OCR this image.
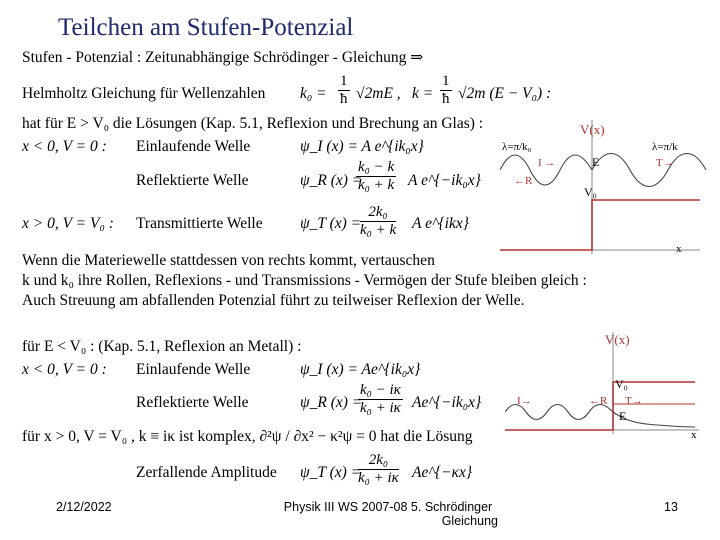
Teilchen am Stufen-Potenzial
Stufen - Potenzial : Zeitunabhängige Schrödinger - Gleichung ⇒
Helmholtz Gleichung für Wellenzahlen $k_0 = \frac{1}{ħ} √2mE$ , $k = \frac{1}{ħ} √2m$ (E − V₀) :
hat für E > V₀ die Lösungen (Kap. 5.1, Reflexion und Brechung an Glas) :
x < 0, V = 0 : Einlaufende Welle	ψ_I (x) = A e^{ik₀x}
Reflektierte Welle	ψ_R (x) =
$\frac{\text{k₀ − k}}{\text{k₀ + k}}$ A e^{−ik₀x}
x > 0, V = V₀ : Transmittierte Welle ψ_T (x) =
$\frac{\text{2k₀}}{\text{k₀ + k}}$ A e^{ikx}
Wenn die Materiewelle stattdessen von rechts kommt, vertauschen
k und k₀ ihre Rollen, Reflexions - und Transmissions - Vermögen der Stufe bleiben gleich :
Auch Streuung am abfallenden Potenzial führt zu teilweiser Reflexion der Welle.
für E < V₀ : (Kap. 5.1, Reflexion an Metall) :
x < 0, V = 0 : Einlaufende Welle	ψ_I (x) = Ae^{ik₀x}
Reflektierte Welle	ψ_R (x) =
$\frac{\text{k₀ − iκ}}{\text{k₀ + iκ}}$ Ae^{−ik₀x}
für x > 0, V = V₀ , k ≡ iκ ist komplex, ∂²ψ / ∂x² − κ²ψ = 0 hat die Lösung
Zerfallende Amplitude ψ_T (x) =
$\frac{\text{2k₀}}{\text{k₀ + iκ}}$ Ae^{−κx}
V(x)
λ=π/k₀	λ=π/k
I →
←R
T→
E
V₀
x
V(x)
V₀
I→	←R T→
E
x
2/12/2022	Physik III WS 2007-08 5. Schrödinger
Gleichung
13
